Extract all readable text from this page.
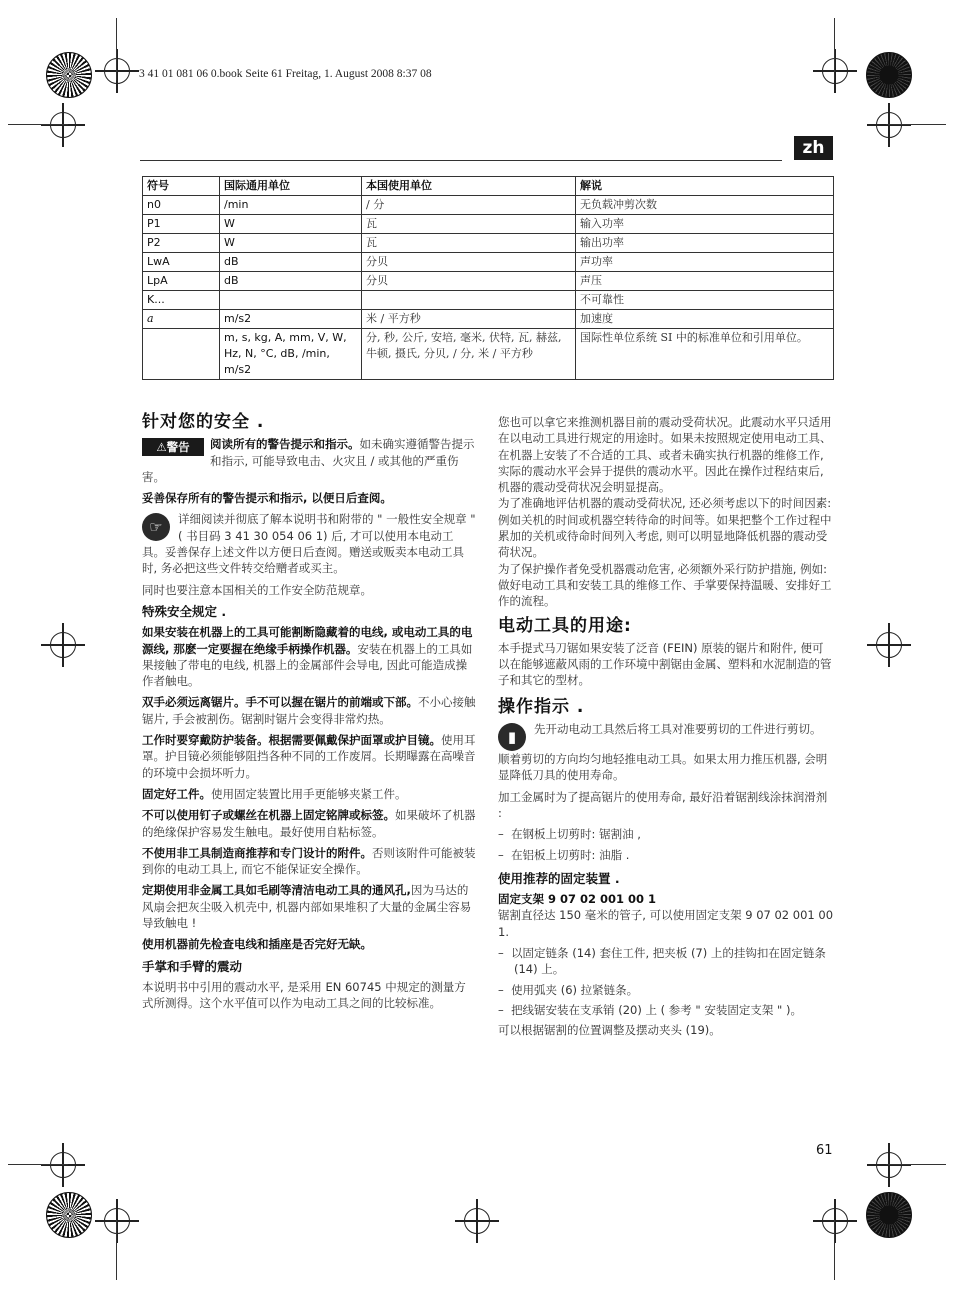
3 41 01 081 06 0.book Seite 61 Freitag, 1. August 2008 8:37 08
zh
符号	国际通用单位	本国使用单位	解说
n0	/min	/ 分	无负载冲剪次数
P1	W	瓦	输入功率
P2	W	瓦	输出功率
LwA	dB	分贝	声功率
LpA	dB	分贝	声压
K...			不可靠性
a	m/s2	米 / 平方秒	加速度
	m, s, kg, A, mm, V, W, Hz, N, °C, dB, /min, m/s2	分, 秒, 公斤, 安培, 毫米, 伏特, 瓦, 赫兹, 牛顿, 摄氏, 分贝, / 分, 米 / 平方秒	国际性单位系统 SI 中的标准单位和引用单位。
针对您的安全 .
⚠警告	阅读所有的警告提示和指示。如未确实遵循警告提示和指示, 可能导致电击、火灾且 / 或其他的严重伤害。
妥善保存所有的警告提示和指示, 以便日后查阅。
☞	详细阅读并彻底了解本说明书和附带的 " 一般性安全规章 " ( 书目码 3 41 30 054 06 1) 后, 才可以使用本电动工具。妥善保存上述文件以方便日后查阅。赠送或贩卖本电动工具时, 务必把这些文件转交给赠者或买主。
同时也要注意本国相关的工作安全防范规章。
特殊安全规定 .
如果安装在机器上的工具可能割断隐藏着的电线, 或电动工具的电源线, 那麽一定要握在绝缘手柄操作机器。安装在机器上的工具如果接触了带电的电线, 机器上的金属部件会导电, 因此可能造成操作者触电。
双手必须远离锯片。手不可以握在锯片的前端或下部。不小心接触锯片, 手会被割伤。锯割时锯片会变得非常灼热。
工作时要穿戴防护装备。根据需要佩戴保护面罩或护目镜。使用耳罩。护目镜必须能够阻挡各种不同的工作废屑。长期曝露在高噪音的环境中会损坏听力。
固定好工件。使用固定装置比用手更能够夹紧工件。
不可以使用钉子或螺丝在机器上固定铭牌或标签。如果破坏了机器的绝缘保护容易发生触电。最好使用自粘标签。
不使用非工具制造商推荐和专门设计的附件。否则该附件可能被装到你的电动工具上, 而它不能保证安全操作。
定期使用非金属工具如毛刷等清洁电动工具的通风孔,因为马达的风扇会把灰尘吸入机壳中, 机器内部如果堆积了大量的金属尘容易导致触电 !
使用机器前先检查电线和插座是否完好无缺。
手掌和手臂的震动
本说明书中引用的震动水平, 是采用 EN 60745 中规定的测量方式所测得。这个水平值可以作为电动工具之间的比较标准。
您也可以拿它来推测机器目前的震动受荷状况。此震动水平只适用在以电动工具进行规定的用途时。如果未按照规定使用电动工具、在机器上安装了不合适的工具、或者未确实执行机器的维修工作, 实际的震动水平会异于提供的震动水平。因此在操作过程结束后, 机器的震动受荷状况会明显提高。
为了准确地评估机器的震动受荷状况, 还必须考虑以下的时间因素: 例如关机的时间或机器空转待命的时间等。如果把整个工作过程中累加的关机或待命时间列入考虑, 则可以明显地降低机器的震动受荷状况。
为了保护操作者免受机器震动危害, 必须额外采行防护措施, 例如: 做好电动工具和安装工具的维修工作、手掌要保持温暖、安排好工作的流程。
电动工具的用途:
本手提式马刀锯如果安装了泛音 (FEIN) 原装的锯片和附件, 便可以在能够遮蔽风雨的工作环境中割锯由金属、塑料和水泥制造的管子和其它的型材。
操作指示 .
▮	先开动电动工具然后将工具对准要剪切的工件进行剪切。
顺着剪切的方向均匀地轻推电动工具。如果太用力推压机器, 会明显降低刀具的使用寿命。
加工金属时为了提高锯片的使用寿命, 最好沿着锯割线涂抹润滑剂 :
–  在钢板上切剪时: 锯割油 ,
–  在铝板上切剪时: 油脂 .
使用推荐的固定装置 .
固定支架 9 07 02 001 00 1
锯割直径达 150 毫米的管子, 可以使用固定支架 9 07 02 001 00 1.
–  以固定链条 (14) 套住工件, 把夹板 (7) 上的挂钩扣在固定链条 (14) 上。
–  使用弧夹 (6) 拉紧链条。
–  把线锯安装在支承销 (20) 上 ( 参考 " 安装固定支架 " )。
可以根据锯割的位置调整及摆动夹头 (19)。
61
